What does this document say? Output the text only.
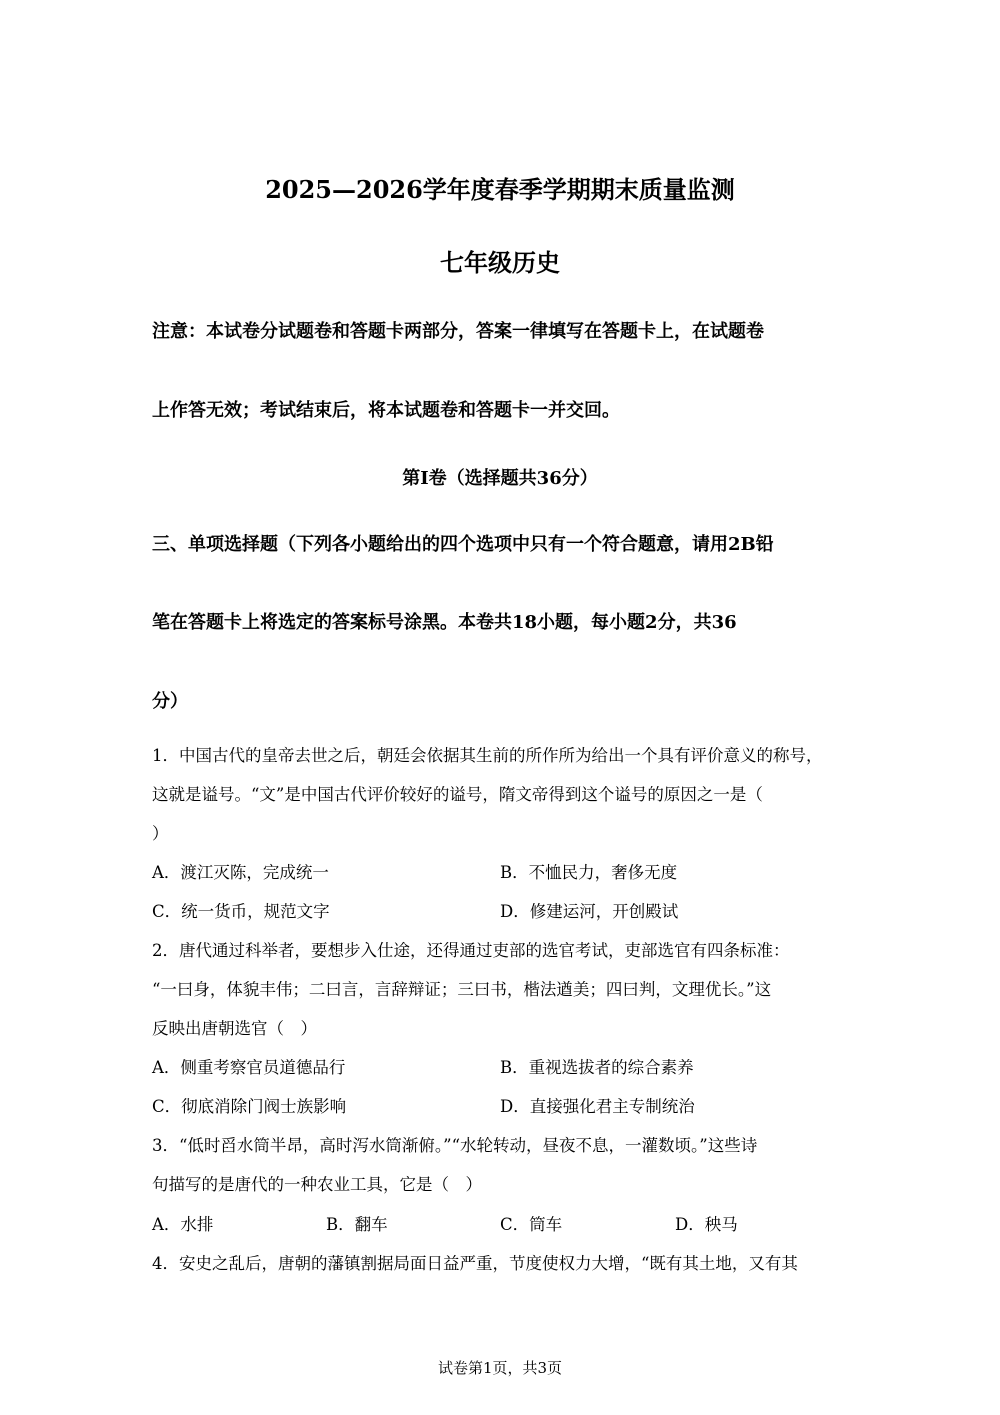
2025—2026学年度春季学期期末质量监测
七年级历史
注意：本试卷分试题卷和答题卡两部分，答案一律填写在答题卡上，在试题卷
上作答无效；考试结束后，将本试题卷和答题卡一并交回。
第Ⅰ卷（选择题共36分）
三、单项选择题（下列各小题给出的四个选项中只有一个符合题意，请用2B铅
笔在答题卡上将选定的答案标号涂黑。本卷共18小题，每小题2分，共36
分）
1．中国古代的皇帝去世之后，朝廷会依据其生前的所作所为给出一个具有评价意义的称号，
这就是谥号。“文”是中国古代评价较好的谥号，隋文帝得到这个谥号的原因之一是（
）
A．渡江灭陈，完成统一	B．不恤民力，奢侈无度
C．统一货币，规范文字	D．修建运河，开创殿试
2．唐代通过科举者，要想步入仕途，还得通过吏部的选官考试，吏部选官有四条标准：
“一曰身，体貌丰伟；二曰言，言辞辩证；三曰书，楷法遒美；四曰判，文理优长。”这
反映出唐朝选官（　）
A．侧重考察官员道德品行	B．重视选拔者的综合素养
C．彻底消除门阀士族影响	D．直接强化君主专制统治
3．“低时舀水筒半昂，高时泻水筒渐俯。”“水轮转动，昼夜不息，一灌数顷。”这些诗
句描写的是唐代的一种农业工具，它是（　）
A．水排	B．翻车	C．筒车	D．秧马
4．安史之乱后，唐朝的藩镇割据局面日益严重，节度使权力大增，“既有其土地，又有其
试卷第1页，共3页
